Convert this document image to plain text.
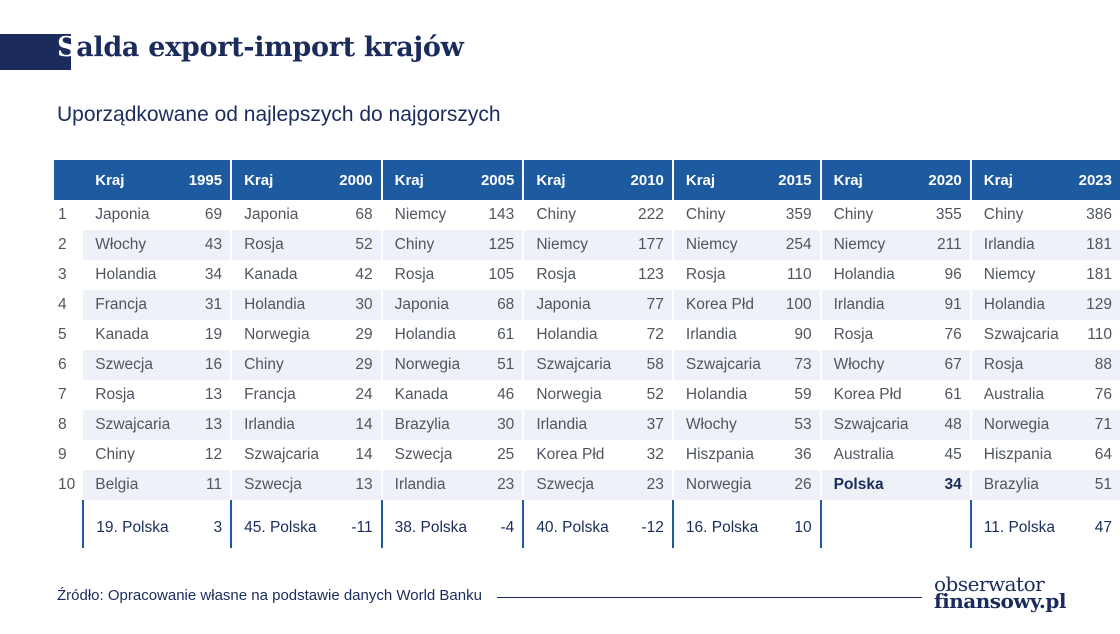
Salda export-import krajów
Uporządkowane od najlepszych do najgorszych
	Kraj	1995	Kraj	2000	Kraj	2005	Kraj	2010	Kraj	2015	Kraj	2020	Kraj	2023
1	Japonia	69	Japonia	68	Niemcy	143	Chiny	222	Chiny	359	Chiny	355	Chiny	386
2	Włochy	43	Rosja	52	Chiny	125	Niemcy	177	Niemcy	254	Niemcy	211	Irlandia	181
3	Holandia	34	Kanada	42	Rosja	105	Rosja	123	Rosja	110	Holandia	96	Niemcy	181
4	Francja	31	Holandia	30	Japonia	68	Japonia	77	Korea Płd	100	Irlandia	91	Holandia	129
5	Kanada	19	Norwegia	29	Holandia	61	Holandia	72	Irlandia	90	Rosja	76	Szwajcaria	110
6	Szwecja	16	Chiny	29	Norwegia	51	Szwajcaria	58	Szwajcaria	73	Włochy	67	Rosja	88
7	Rosja	13	Francja	24	Kanada	46	Norwegia	52	Holandia	59	Korea Płd	61	Australia	76
8	Szwajcaria	13	Irlandia	14	Brazylia	30	Irlandia	37	Włochy	53	Szwajcaria	48	Norwegia	71
9	Chiny	12	Szwajcaria	14	Szwecja	25	Korea Płd	32	Hiszpania	36	Australia	45	Hiszpania	64
10	Belgia	11	Szwecja	13	Irlandia	23	Szwecja	23	Norwegia	26	Polska	34	Brazylia	51
	19. Polska	3	45. Polska	-11	38. Polska	-4	40. Polska	-12	16. Polska	10			11. Polska	47
Źródło: Opracowanie własne na podstawie danych World Banku	obserwator
finansowy.pl
